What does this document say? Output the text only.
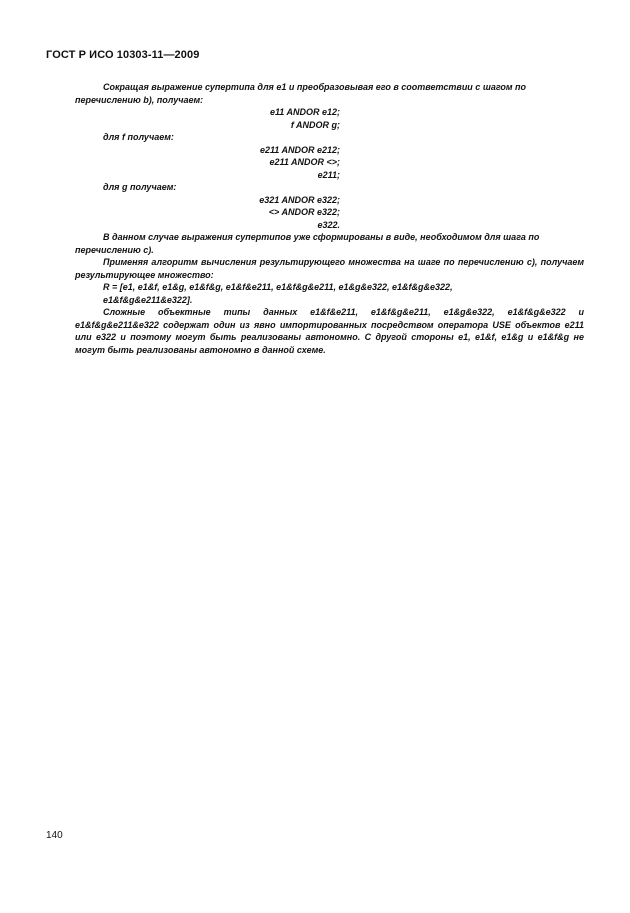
ГОСТ Р ИСО 10303-11—2009

Сокращая выражение супертипа для e1 и преобразовывая его в соответствии с шагом по перечислению b), получаем:

e11 ANDOR e12;
f ANDOR g;

для f получаем:

e211 ANDOR e212;
e211 ANDOR <>;
e211;

для g получаем:

e321 ANDOR e322;
<> ANDOR e322;
e322.

В данном случае выражения супертипов уже сформированы в виде, необходимом для шага по перечислению c).

Применяя алгоритм вычисления результирующего множества на шаге по перечислению c), получаем результирующее множество:

R = [e1, e1&f, e1&g, e1&f&g, e1&f&e211, e1&f&g&e211, e1&g&e322, e1&f&g&e322,

e1&f&g&e211&e322].

Сложные объектные типы данных e1&f&e211, e1&f&g&e211, e1&g&e322, e1&f&g&e322 и e1&f&g&e211&e322 содержат один из явно импортированных посредством оператора USE объектов e211 или e322 и поэтому могут быть реализованы автономно. С другой стороны e1, e1&f, e1&g и e1&f&g не могут быть реализованы автономно в данной схеме.

140
